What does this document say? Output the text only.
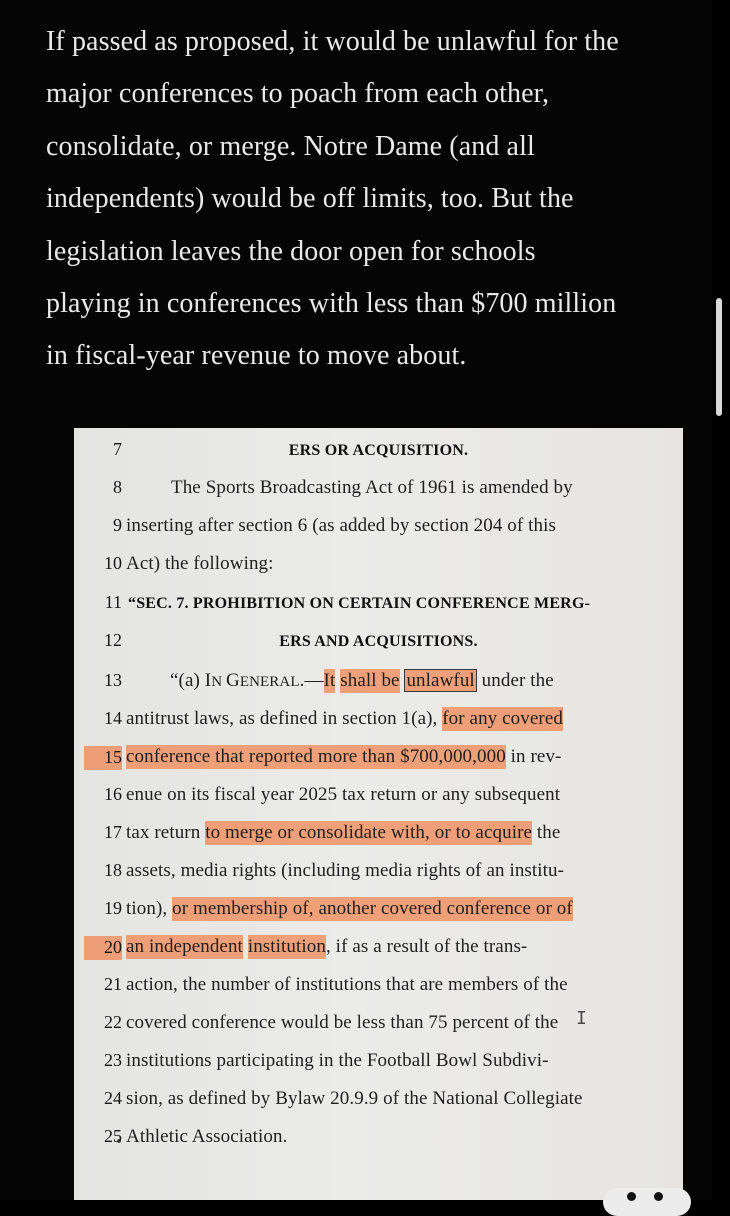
If passed as proposed, it would be unlawful for the
major conferences to poach from each other,
consolidate, or merge. Notre Dame (and all
independents) would be off limits, too. But the
legislation leaves the door open for schools
playing in conferences with less than $700 million
in fiscal-year revenue to move about.
7	ERS OR ACQUISITION.
8	The Sports Broadcasting Act of 1961 is amended by
9 inserting after section 6 (as added by section 204 of this
10 Act) the following:
11 “SEC. 7. PROHIBITION ON CERTAIN CONFERENCE MERG-
12	ERS AND ACQUISITIONS.
13	“(a) IN GENERAL.—It shall be unlawful under the
14 antitrust laws, as defined in section 1(a), for any covered
15 conference that reported more than $700,000,000 in rev-
16 enue on its fiscal year 2025 tax return or any subsequent
17 tax return to merge or consolidate with, or to acquire the
18 assets, media rights (including media rights of an institu-
19 tion), or membership of, another covered conference or of
20 an independent institution, if as a result of the trans-
21 action, the number of institutions that are members of the
I
22 covered conference would be less than 75 percent of the
23 institutions participating in the Football Bowl Subdivi-
24 sion, as defined by Bylaw 20.9.9 of the National Collegiate
25 Athletic Association.
